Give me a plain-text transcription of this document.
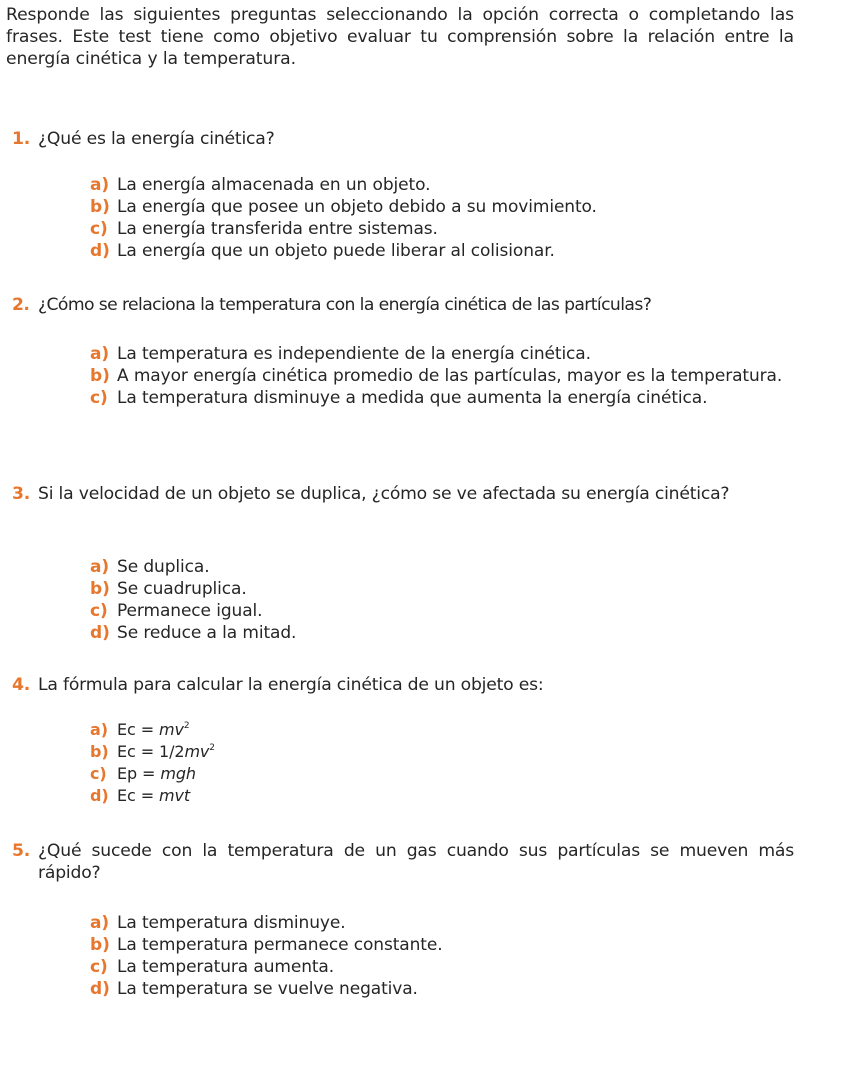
Responde las siguientes preguntas seleccionando la opción correcta o completando las frases. Este test tiene como objetivo evaluar tu comprensión sobre la relación entre la energía cinética y la temperatura.
1. ¿Qué es la energía cinética?
a) La energía almacenada en un objeto.
b) La energía que posee un objeto debido a su movimiento.
c) La energía transferida entre sistemas.
d) La energía que un objeto puede liberar al colisionar.
2. ¿Cómo se relaciona la temperatura con la energía cinética de las partículas?
a) La temperatura es independiente de la energía cinética.
b) A mayor energía cinética promedio de las partículas, mayor es la temperatura.
c) La temperatura disminuye a medida que aumenta la energía cinética.
3. Si la velocidad de un objeto se duplica, ¿cómo se ve afectada su energía cinética?
a) Se duplica.
b) Se cuadruplica.
c) Permanece igual.
d) Se reduce a la mitad.
4. La fórmula para calcular la energía cinética de un objeto es:
a) $Ec = mv^2$
b) $Ec = 1/2mv^2$
c) Ep = mgh
d) Ec = mvt
5. ¿Qué sucede con la temperatura de un gas cuando sus partículas se mueven más rápido?
a) La temperatura disminuye.
b) La temperatura permanece constante.
c) La temperatura aumenta.
d) La temperatura se vuelve negativa.
